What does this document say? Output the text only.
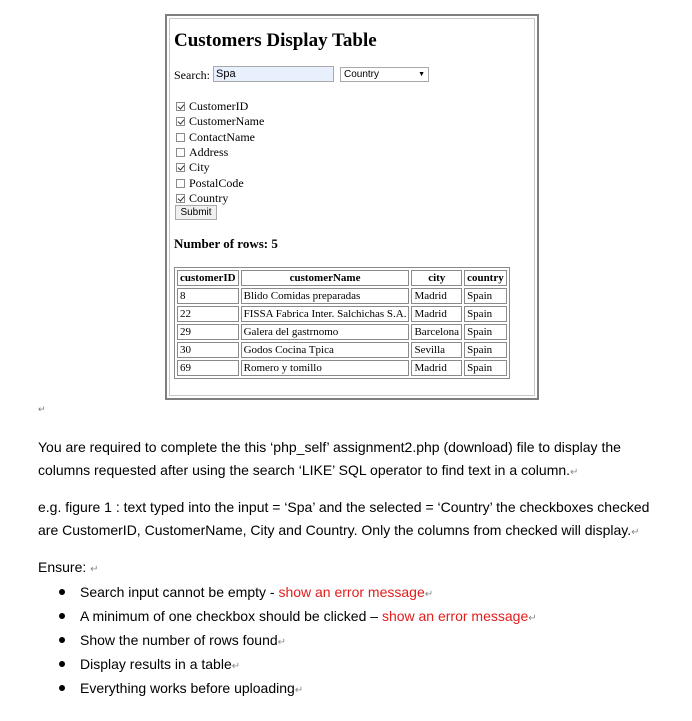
Customers Display Table
Search:
Spa	Country	▼
CustomerID
CustomerName
ContactName
Address
City
PostalCode
Country
Submit
Number of rows: 5
customerID	customerName	city	country
8	Blido Comidas preparadas	Madrid	Spain
22	FISSA Fabrica Inter. Salchichas S.A.	Madrid	Spain
29	Galera del gastrnomo	Barcelona	Spain
30	Godos Cocina Tpica	Sevilla	Spain
69	Romero y tomillo	Madrid	Spain
↵

You are required to complete the this ‘php_self’ assignment2.php (download) file to display the columns requested after using the search ‘LIKE’ SQL operator to find text in a column.↵

e.g. figure 1 : text typed into the input = ‘Spa’ and the selected = ‘Country’ the checkboxes checked are CustomerID, CustomerName, City and Country. Only the columns from checked will display.↵

Ensure: ↵

Search input cannot be empty - show an error message↵
A minimum of one checkbox should be clicked – show an error message↵
Show the number of rows found↵
Display results in a table↵
Everything works before uploading↵
